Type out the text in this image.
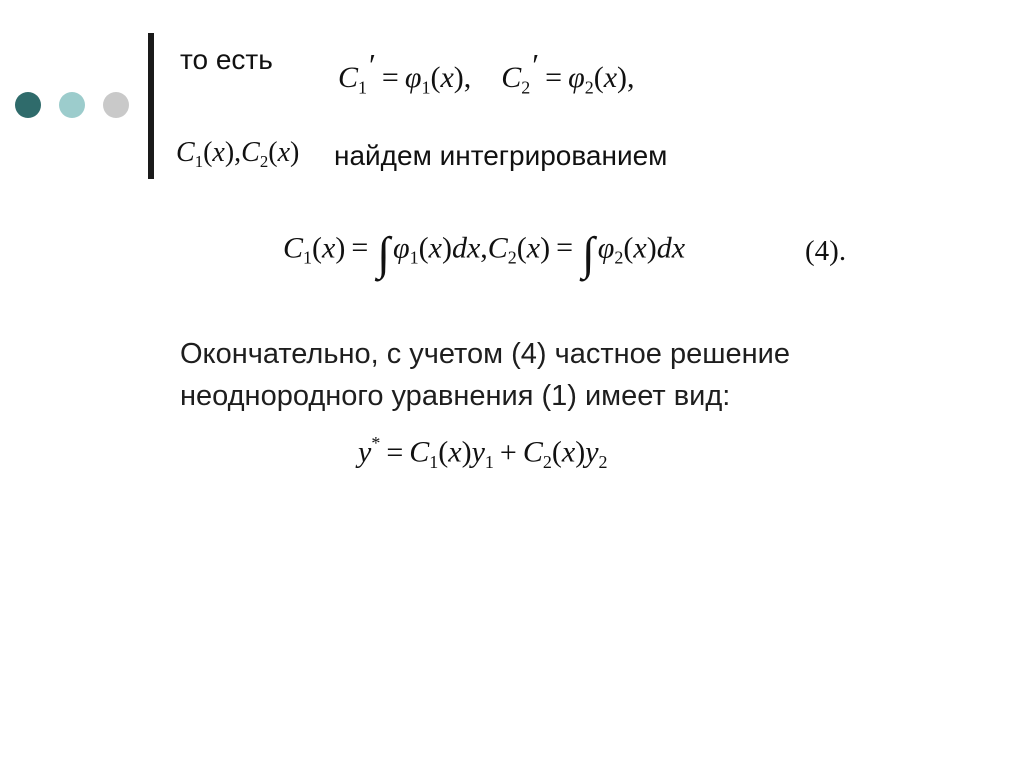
то есть
$C_1' = \varphi_1(x)$, $C_2' = \varphi_2(x)$,
$C_1(x),C_2(x)$ найдем интегрированием
$C_1(x)$ = ∫ $\varphi_1(x)dx,C_2(x)$ = ∫ $\varphi_2(x)dx$	(4).
Окончательно, с учетом (4) частное решение
неоднородного уравнения (1) имеет вид:
$y^* = C_1(x)y_1 + C_2(x)y_2$
